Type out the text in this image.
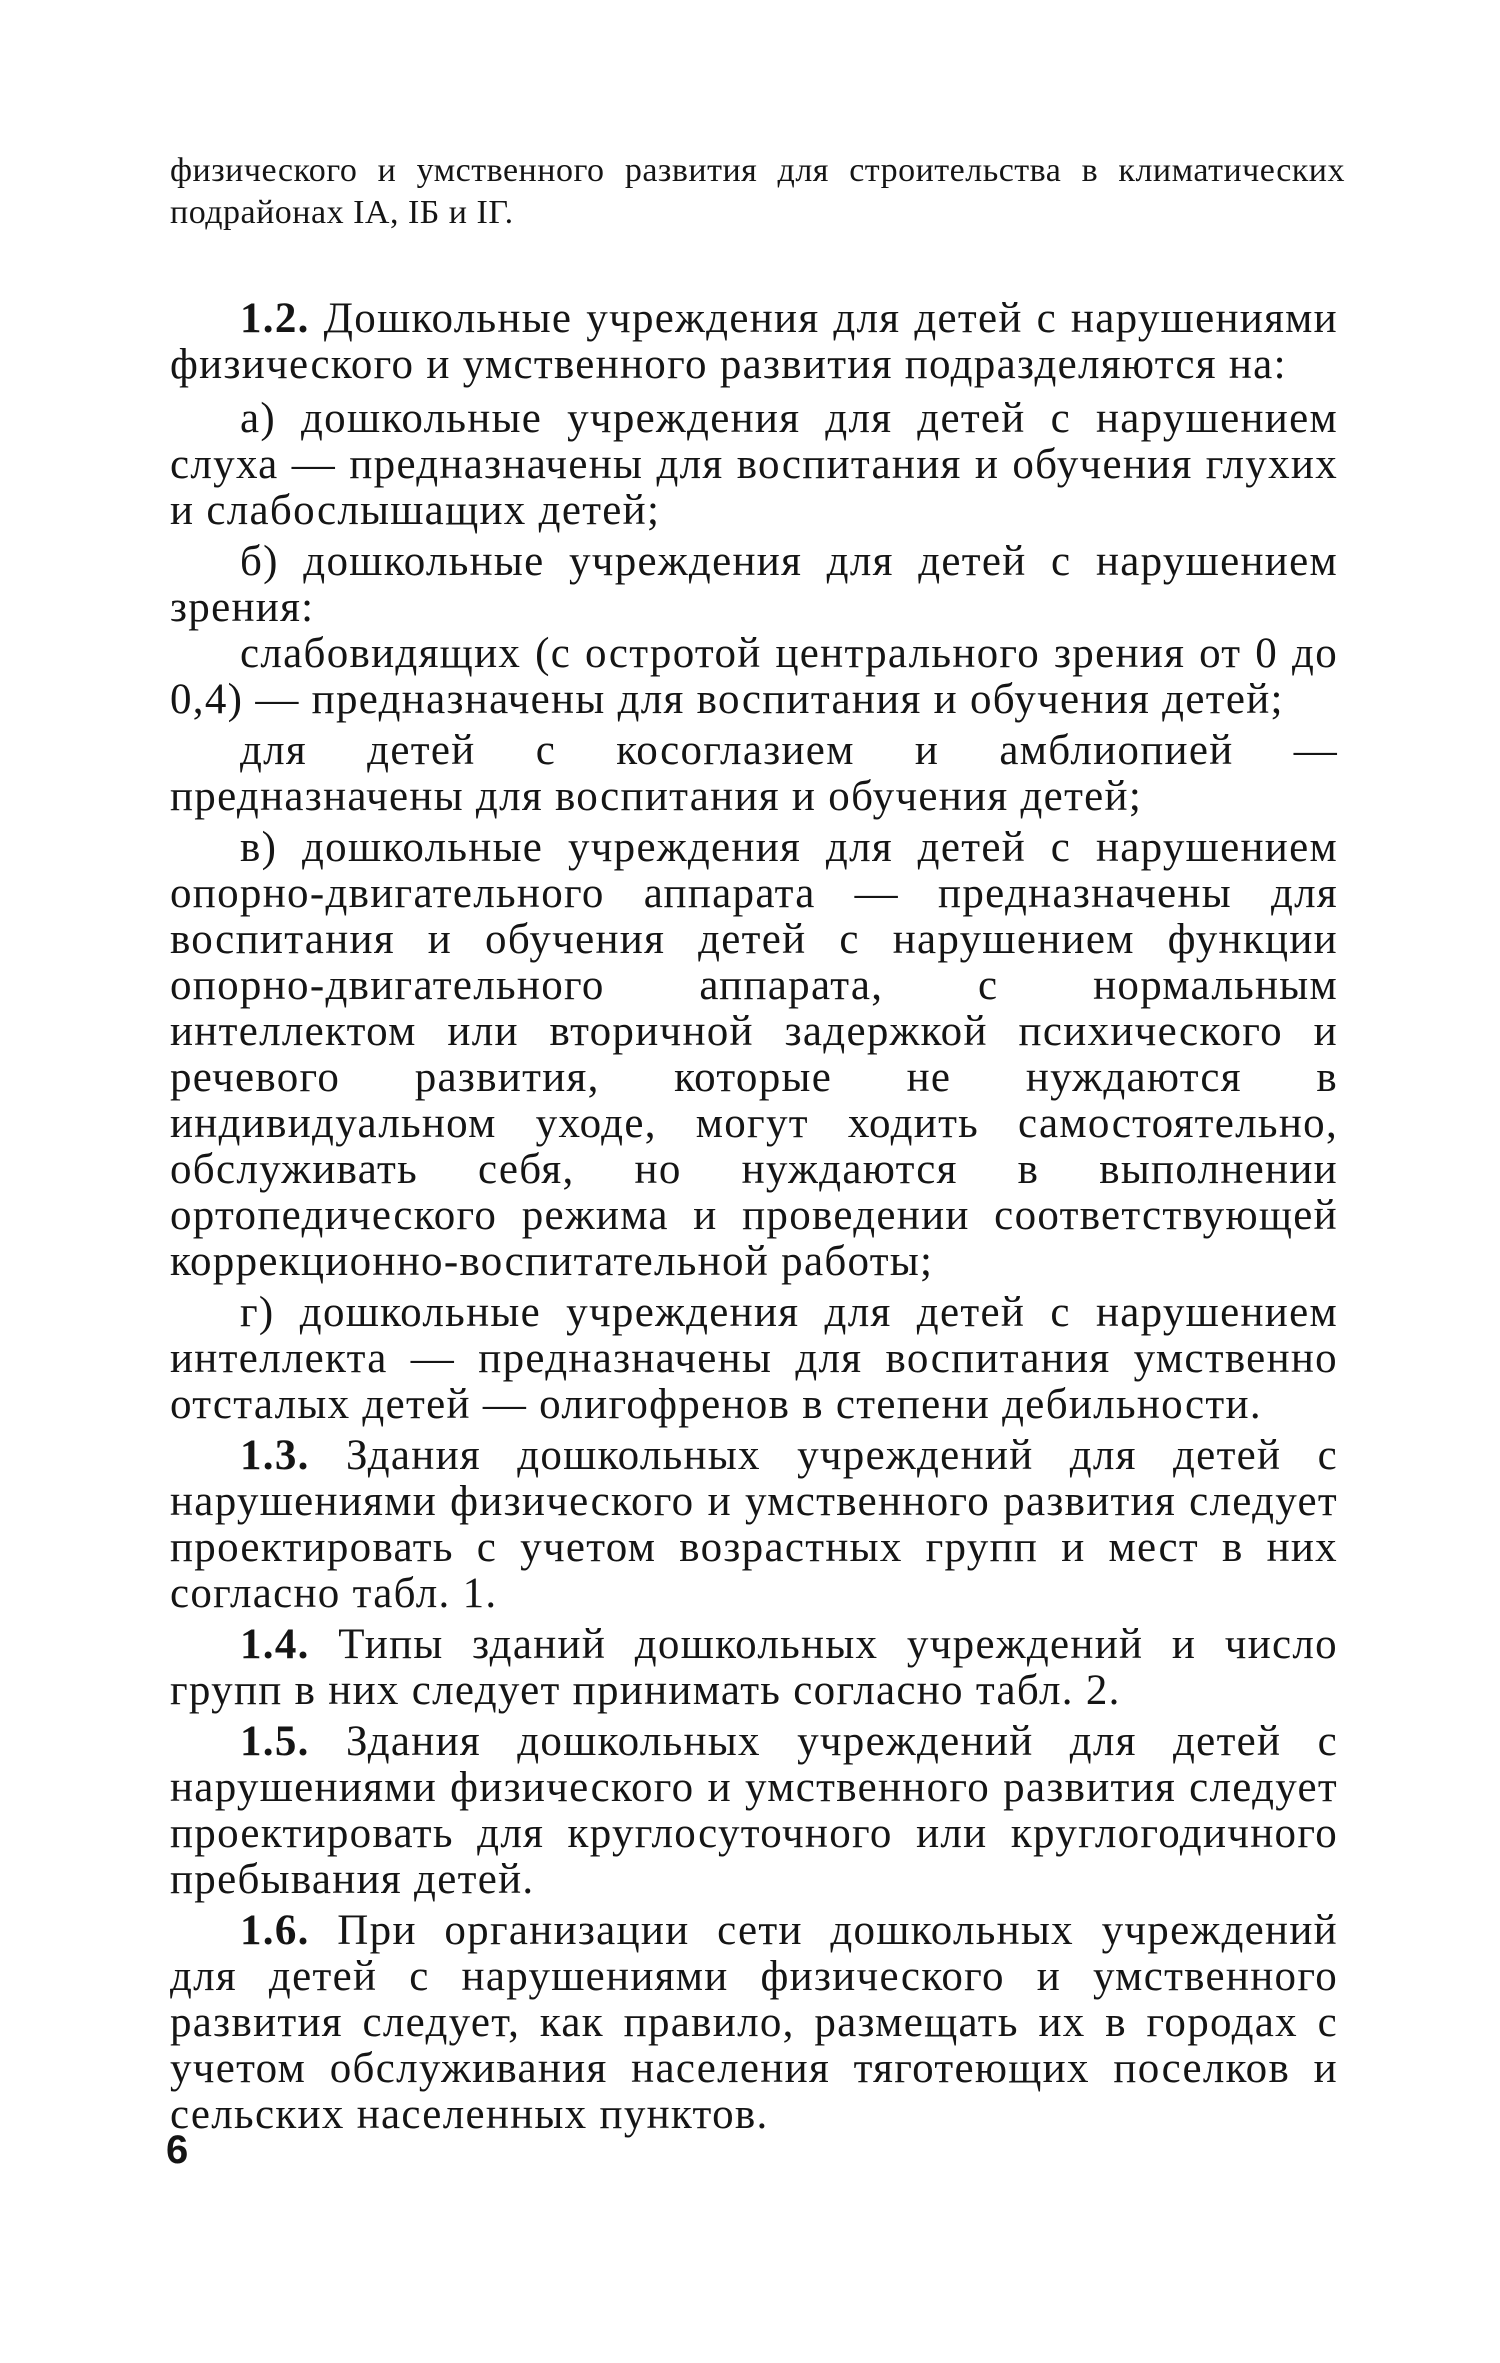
физического и умственного развития для строительства в климатических подрайонах IА, IБ и IГ.

1.2. Дошкольные учреждения для детей с нарушениями физического и умственного развития подразделяются на:

а) дошкольные учреждения для детей с нарушением слуха — предназначены для воспитания и обучения глухих и слабослышащих детей;

б) дошкольные учреждения для детей с нарушением зрения:

слабовидящих (с остротой центрального зрения от 0 до 0,4) — предназначены для воспитания и обучения детей;

для детей с косоглазием и амблиопией — предназначены для воспитания и обучения детей;

в) дошкольные учреждения для детей с нарушением опорно-двигательного аппарата — предназначены для воспитания и обучения детей с нарушением функции опорно-двигательного аппарата, с нормальным интеллектом или вторичной задержкой психического и речевого развития, которые не нуждаются в индивидуальном уходе, могут ходить самостоятельно, обслуживать себя, но нуждаются в выполнении ортопедического режима и проведении соответствующей коррекционно-воспитательной работы;

г) дошкольные учреждения для детей с нарушением интеллекта — предназначены для воспитания умственно отсталых детей — олигофренов в степени дебильности.

1.3. Здания дошкольных учреждений для детей с нарушениями физического и умственного развития следует проектировать с учетом возрастных групп и мест в них согласно табл. 1.

1.4. Типы зданий дошкольных учреждений и число групп в них следует принимать согласно табл. 2.

1.5. Здания дошкольных учреждений для детей с нарушениями физического и умственного развития следует проектировать для круглосуточного или круглогодичного пребывания детей.

1.6. При организации сети дошкольных учреждений для детей с нарушениями физического и умственного развития следует, как правило, размещать их в городах с учетом обслуживания населения тяготеющих поселков и сельских населенных пунктов.

6
